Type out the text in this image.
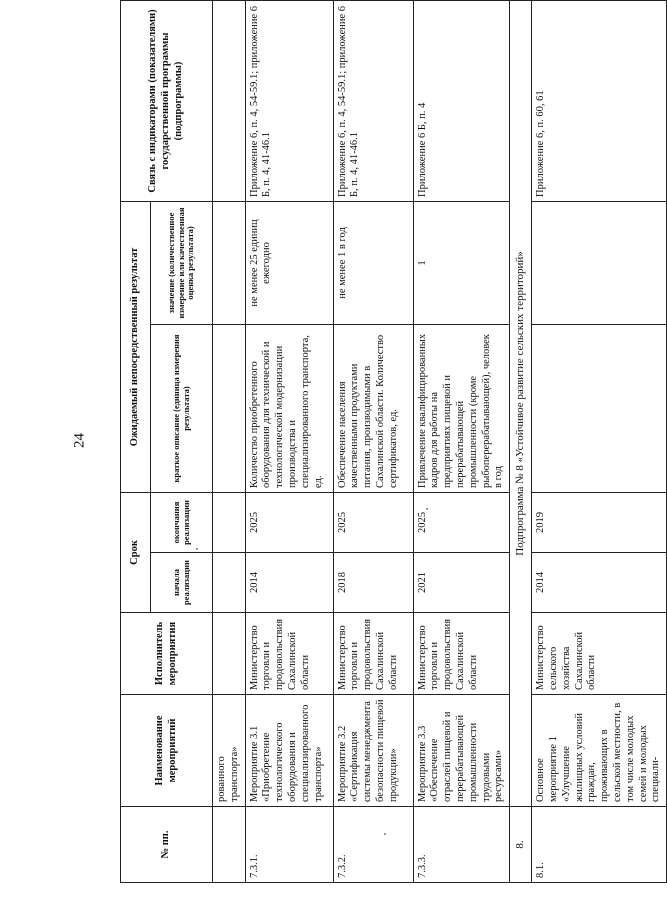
24
№ пп.	Наименование мероприятий	Исполнитель мероприятия	Срок		Ожидаемый непосредственный результат		Связь с индикаторами (показателями) государственной программы (подпрограммы)
			начала реализации	окончания реализации	краткое описание (единица измерения результата)	значение (количественное измерение или качественная оценка результата)	
	рованного транспорта»						
7.3.1.	Мероприятие 3.1 «Приобретение технологического оборудования и специализированного транспорта»	Министерство торговли и продовольствия Сахалинской области	2014	2025	Количество приобретенного оборудования для технической и технологической модернизации производства и специализированного транспорта, ед.	не менее 25 единиц ежегодно	Приложение 6, п. 4, 54-59.1; приложение 6 Б, п. 4, 41-46.1
7.3.2.	Мероприятие 3.2 «Сертификация системы менеджмента безопасности пищевой продукции»	Министерство торговли и продовольствия Сахалинской области	2018	2025	Обеспечение населения качественными продуктами питания, производимыми в Сахалинской области. Количество сертификатов, ед.	не менее 1 в год	Приложение 6, п. 4, 54-59.1; приложение 6 Б, п. 4, 41-46.1
7.3.3.	Мероприятие 3.3 «Обеспечение отраслей пищевой и перерабатывающей промышленности трудовыми ресурсами»	Министерство торговли и продовольствия Сахалинской области	2021	2025	Привлечение квалифицированных кадров для работы на предприятиях пищевой и перерабатывающей промышленности (кроме рыбоперерабатывающей), человек в год	1	Приложение 6 Б, п. 4
8.	Подпрограмма № 8 «Устойчивое развитие сельских территорий»						
8.1.	Основное мероприятие 1 «Улучшение жилищных условий граждан, проживающих в сельской местности, в том числе молодых семей и молодых специали-	Министерство сельского хозяйства Сахалинской области	2014	2019			Приложение 6, п. 60, 61
